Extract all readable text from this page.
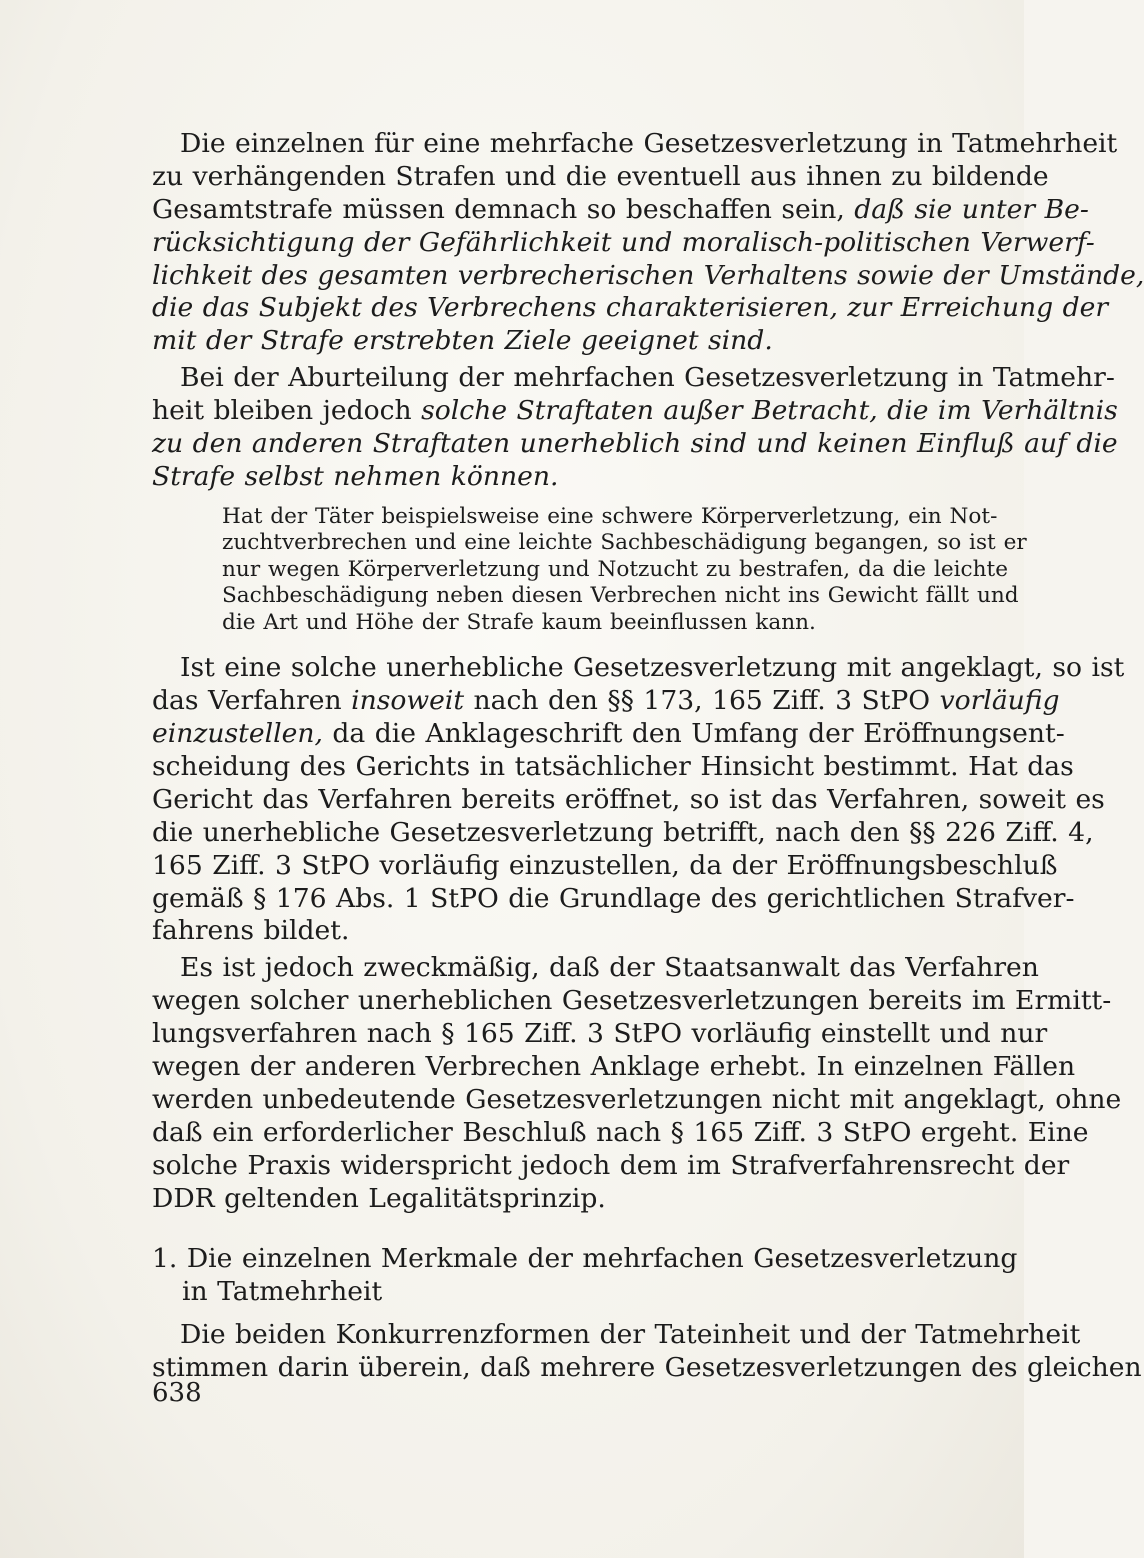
Die einzelnen für eine mehrfache Gesetzesverletzung in Tatmehrheit
zu verhängenden Strafen und die eventuell aus ihnen zu bildende
Gesamtstrafe müssen demnach so beschaffen sein, daß sie unter Be-
rücksichtigung der Gefährlichkeit und moralisch-politischen Verwerf-
lichkeit des gesamten verbrecherischen Verhaltens sowie der Umstände,
die das Subjekt des Verbrechens charakterisieren, zur Erreichung der
mit der Strafe erstrebten Ziele geeignet sind.
Bei der Aburteilung der mehrfachen Gesetzesverletzung in Tatmehr-
heit bleiben jedoch solche Straftaten außer Betracht, die im Verhältnis
zu den anderen Straftaten unerheblich sind und keinen Einfluß auf die
Strafe selbst nehmen können.
Hat der Täter beispielsweise eine schwere Körperverletzung, ein Not-
zuchtverbrechen und eine leichte Sachbeschädigung begangen, so ist er
nur wegen Körperverletzung und Notzucht zu bestrafen, da die leichte
Sachbeschädigung neben diesen Verbrechen nicht ins Gewicht fällt und
die Art und Höhe der Strafe kaum beeinflussen kann.
Ist eine solche unerhebliche Gesetzesverletzung mit angeklagt, so ist
das Verfahren insoweit nach den §§ 173, 165 Ziff. 3 StPO vorläufig
einzustellen, da die Anklageschrift den Umfang der Eröffnungsent-
scheidung des Gerichts in tatsächlicher Hinsicht bestimmt. Hat das
Gericht das Verfahren bereits eröffnet, so ist das Verfahren, soweit es
die unerhebliche Gesetzesverletzung betrifft, nach den §§ 226 Ziff. 4,
165 Ziff. 3 StPO vorläufig einzustellen, da der Eröffnungsbeschluß
gemäß § 176 Abs. 1 StPO die Grundlage des gerichtlichen Strafver-
fahrens bildet.
Es ist jedoch zweckmäßig, daß der Staatsanwalt das Verfahren
wegen solcher unerheblichen Gesetzesverletzungen bereits im Ermitt-
lungsverfahren nach § 165 Ziff. 3 StPO vorläufig einstellt und nur
wegen der anderen Verbrechen Anklage erhebt. In einzelnen Fällen
werden unbedeutende Gesetzesverletzungen nicht mit angeklagt, ohne
daß ein erforderlicher Beschluß nach § 165 Ziff. 3 StPO ergeht. Eine
solche Praxis widerspricht jedoch dem im Strafverfahrensrecht der
DDR geltenden Legalitätsprinzip.
1. Die einzelnen Merkmale der mehrfachen Gesetzesverletzung
in Tatmehrheit
Die beiden Konkurrenzformen der Tateinheit und der Tatmehrheit
stimmen darin überein, daß mehrere Gesetzesverletzungen des gleichen
638
